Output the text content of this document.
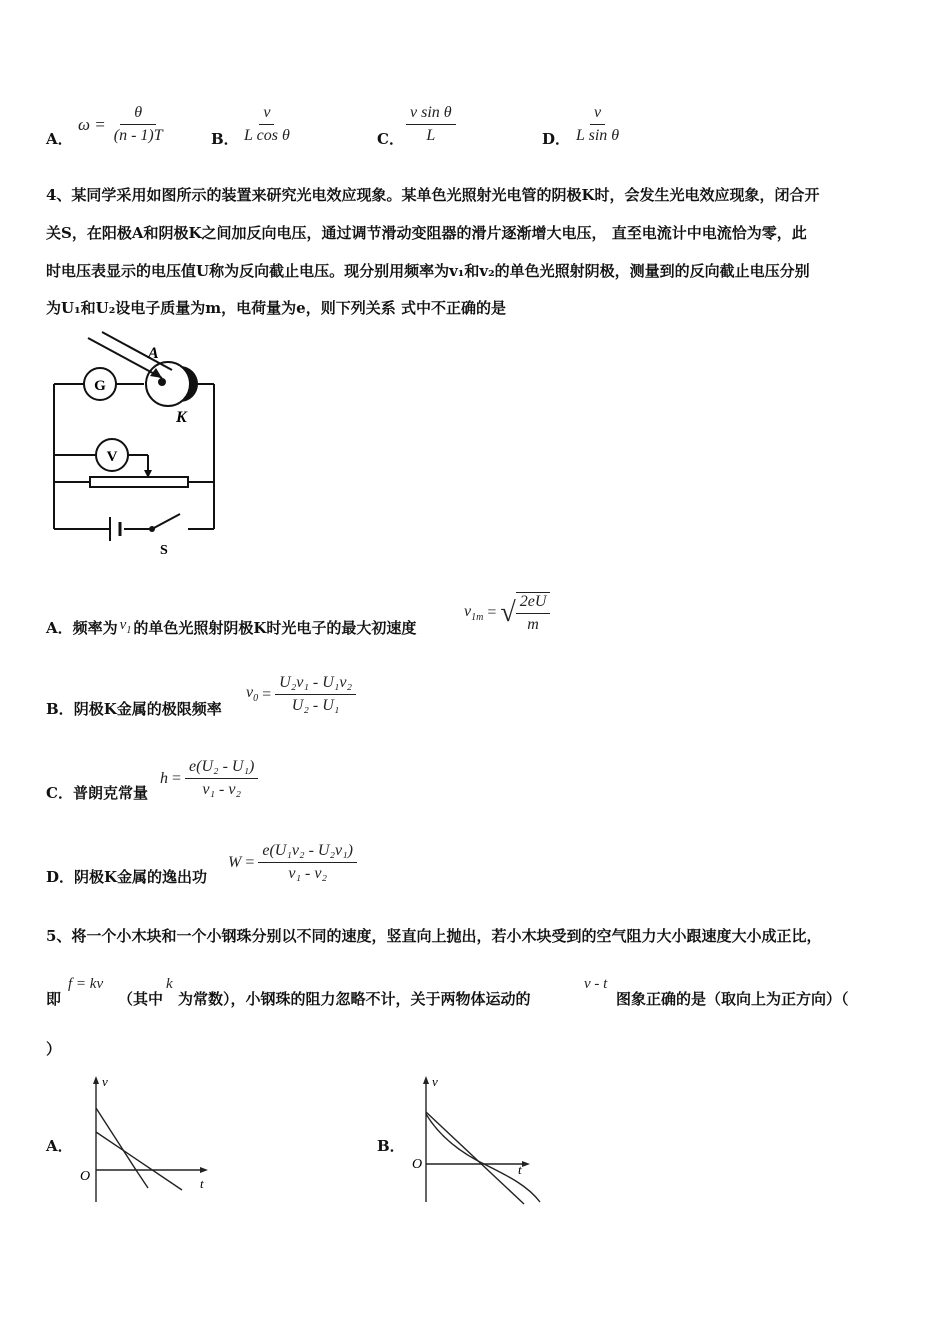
A．
$\omega = \frac{\theta}{(n - 1)T}$	B． $\frac{v}{\text{L cos θ}}$	C． $\frac{\text{v sin θ}}{L}$	D． $\frac{v}{\text{L sin θ}}$
4、某同学采用如图所示的装置来研究光电效应现象。某单色光照射光电管的阴极K时，会发生光电效应现象，闭合开
关S，在阳极A和阴极K之间加反向电压，通过调节滑动变阻器的滑片逐渐增大电压， 直至电流计中电流恰为零，此
时电压表显示的电压值U称为反向截止电压。现分别用频率为v₁和v₂的单色光照射阴极，测量到的反向截止电压分别
为U₁和U₂设电子质量为m，电荷量为e，则下列关系 式中不正确的是
G
V
A
K
S
A． 频率为 $v_1$ 的单色光照射阴极K时光电子的最大初速度
$v_{1m}$ = √ $\frac{2eU}{m}$
B．阴极K金属的极限频率
$v_0 = \frac{\text{U₂v₁ - U₁v₂}}{\text{U₂ - U₁}}$
C．普朗克常量
$h = \frac{\text{e(U₂ - U₁)}}{\text{v₁ - v₂}}$
D．阴极K金属的逸出功
$W = \frac{\text{e(U₁v₂ - U₂v₁)}}{\text{v₁ - v₂}}$
5、将一个小木块和一个小钢珠分别以不同的速度，竖直向上抛出，若小木块受到的空气阻力大小跟速度大小成正比，
即
f = kv
（其中
k
为常数），小钢珠的阻力忽略不计，关于两物体运动的
v - t
图象正确的是（取向上为正方向）（
）
A．
v
t
O
B．
v
t
O
